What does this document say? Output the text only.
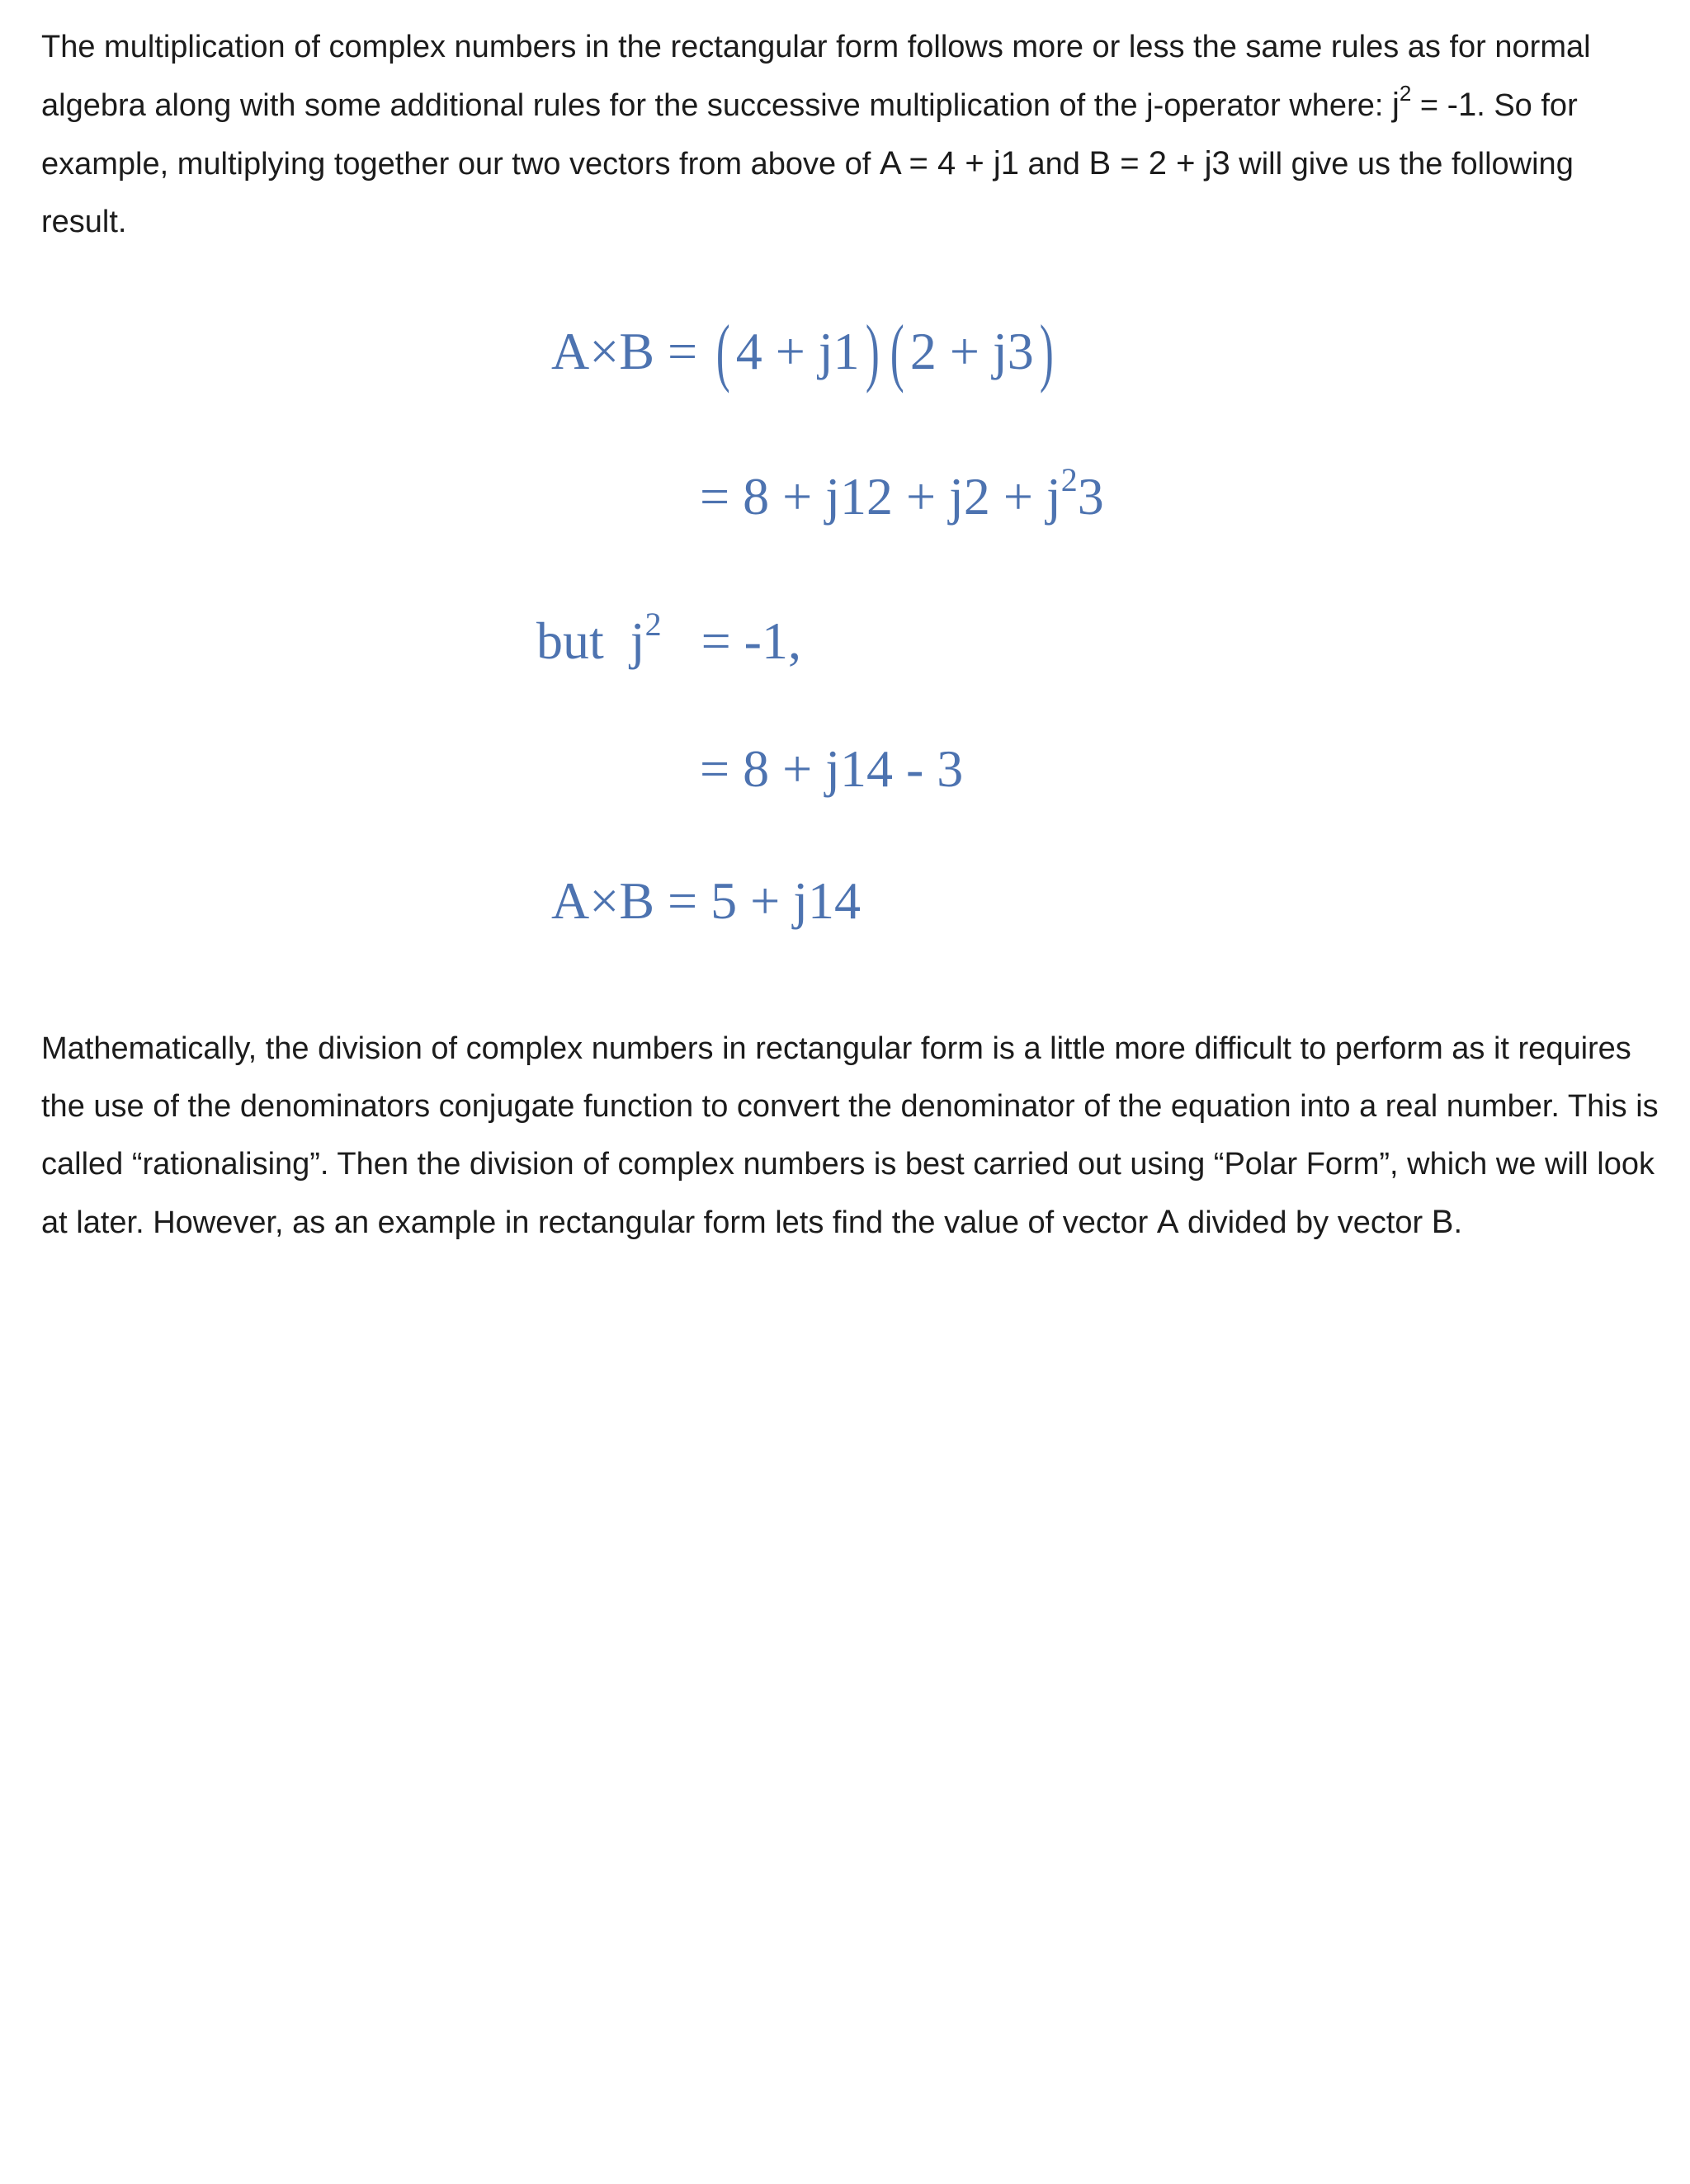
The multiplication of complex numbers in the rectangular form follows more or less the same rules as for normal algebra along with some additional rules for the successive multiplication of the j-operator where: $j^2 = -1$. So for example, multiplying together our two vectors from above of A = 4 + j1 and B = 2 + j3 will give us the following result.

A×B = ( 4 + j1) ( 2 + j3)
= $8 + j12 + j2 + j^23$
but $j^2 = -1$,
= 8 + j14 - 3
A×B = 5 + j14

Mathematically, the division of complex numbers in rectangular form is a little more difficult to perform as it requires the use of the denominators conjugate function to convert the denominator of the equation into a real number. This is called “rationalising”. Then the division of complex numbers is best carried out using “Polar Form”, which we will look at later. However, as an example in rectangular form lets find the value of vector A divided by vector B.
